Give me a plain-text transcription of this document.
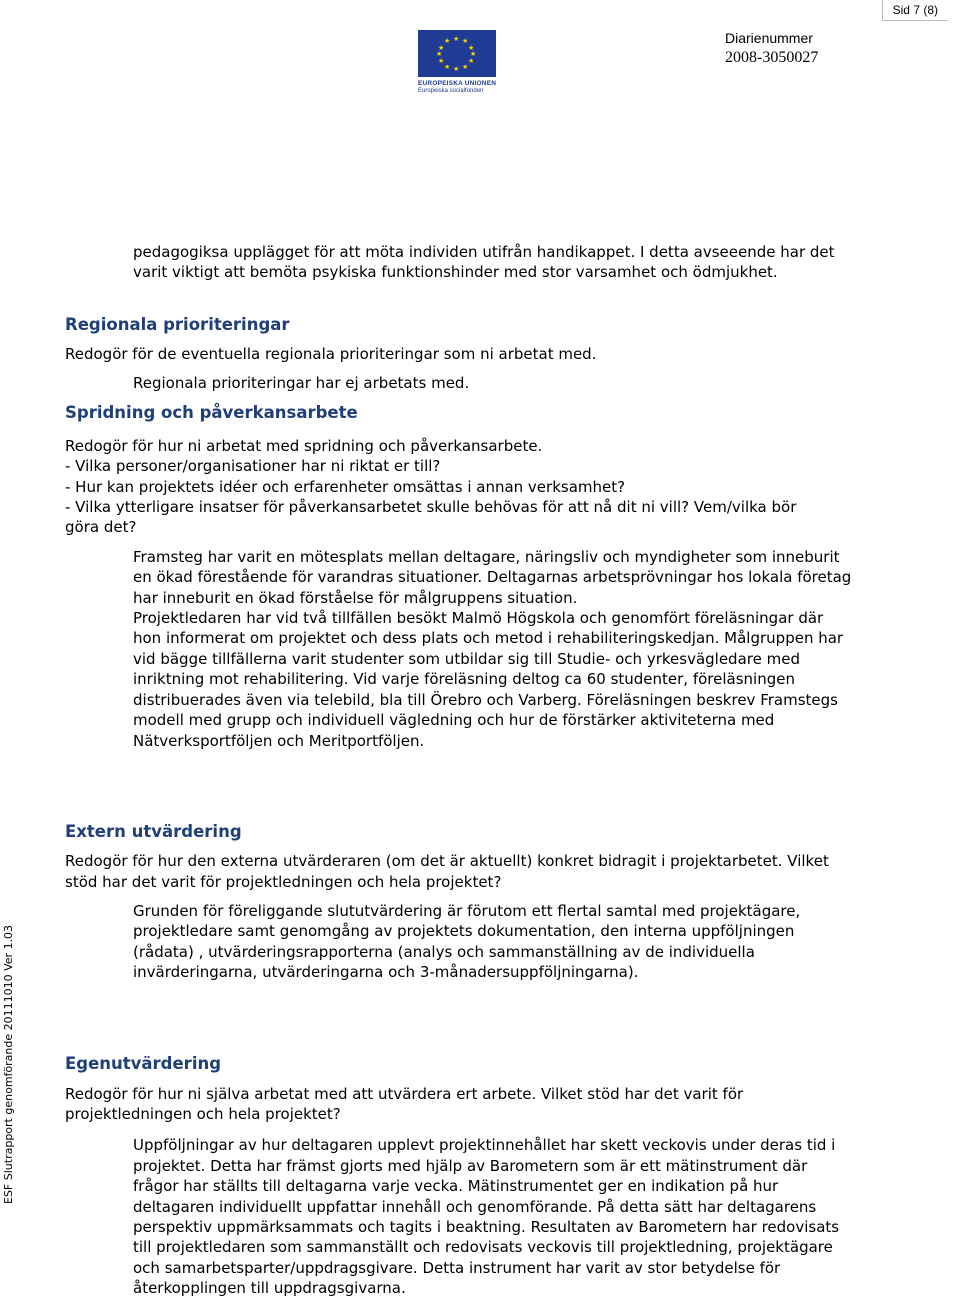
Sid 7 (8)
★ ★
★
★
★
★
★
★
★
★
★
★
EUROPEISKA UNIONEN
Europeiska socialfonden
Diarienummer
2008-3050027
ESF Slutrapport genomförande 20111010 Ver 1.03
pedagogiksa upplägget för att möta individen utifrån handikappet. I detta avseeende har det
varit viktigt att bemöta psykiska funktionshinder med stor varsamhet och ödmjukhet.
Regionala prioriteringar
Redogör för de eventuella regionala prioriteringar som ni arbetat med.
Regionala prioriteringar har ej arbetats med.
Spridning och påverkansarbete
Redogör för hur ni arbetat med spridning och påverkansarbete.
- Vilka personer/organisationer har ni riktat er till?
- Hur kan projektets idéer och erfarenheter omsättas i annan verksamhet?
- Vilka ytterligare insatser för påverkansarbetet skulle behövas för att nå dit ni vill? Vem/vilka bör
göra det?
Framsteg har varit en mötesplats mellan deltagare, näringsliv och myndigheter som inneburit
en ökad förestående för varandras situationer. Deltagarnas arbetsprövningar hos lokala företag
har inneburit en ökad förståelse för målgruppens situation.
Projektledaren har vid två tillfällen besökt Malmö Högskola och genomfört föreläsningar där
hon informerat om projektet och dess plats och metod i rehabiliteringskedjan. Målgruppen har
vid bägge tillfällerna varit studenter som utbildar sig till Studie- och yrkesvägledare med
inriktning mot rehabilitering. Vid varje föreläsning deltog ca 60 studenter, föreläsningen
distribuerades även via telebild, bla till Örebro och Varberg. Föreläsningen beskrev Framstegs
modell med grupp och individuell vägledning och hur de förstärker aktiviteterna med
Nätverksportföljen och Meritportföljen.
Extern utvärdering
Redogör för hur den externa utvärderaren (om det är aktuellt) konkret bidragit i projektarbetet. Vilket
stöd har det varit för projektledningen och hela projektet?
Grunden för föreliggande slututvärdering är förutom ett flertal samtal med projektägare,
projektledare samt genomgång av projektets dokumentation, den interna uppföljningen
(rådata) , utvärderingsrapporterna (analys och sammanställning av de individuella
invärderingarna, utvärderingarna och 3-månadersuppföljningarna).
Egenutvärdering
Redogör för hur ni själva arbetat med att utvärdera ert arbete. Vilket stöd har det varit för
projektledningen och hela projektet?
Uppföljningar av hur deltagaren upplevt projektinnehållet har skett veckovis under deras tid i
projektet. Detta har främst gjorts med hjälp av Barometern som är ett mätinstrument där
frågor har ställts till deltagarna varje vecka. Mätinstrumentet ger en indikation på hur
deltagaren individuellt uppfattar innehåll och genomförande. På detta sätt har deltagarens
perspektiv uppmärksammats och tagits i beaktning. Resultaten av Barometern har redovisats
till projektledaren som sammanställt och redovisats veckovis till projektledning, projektägare
och samarbetsparter/uppdragsgivare. Detta instrument har varit av stor betydelse för
återkopplingen till uppdragsgivarna.
